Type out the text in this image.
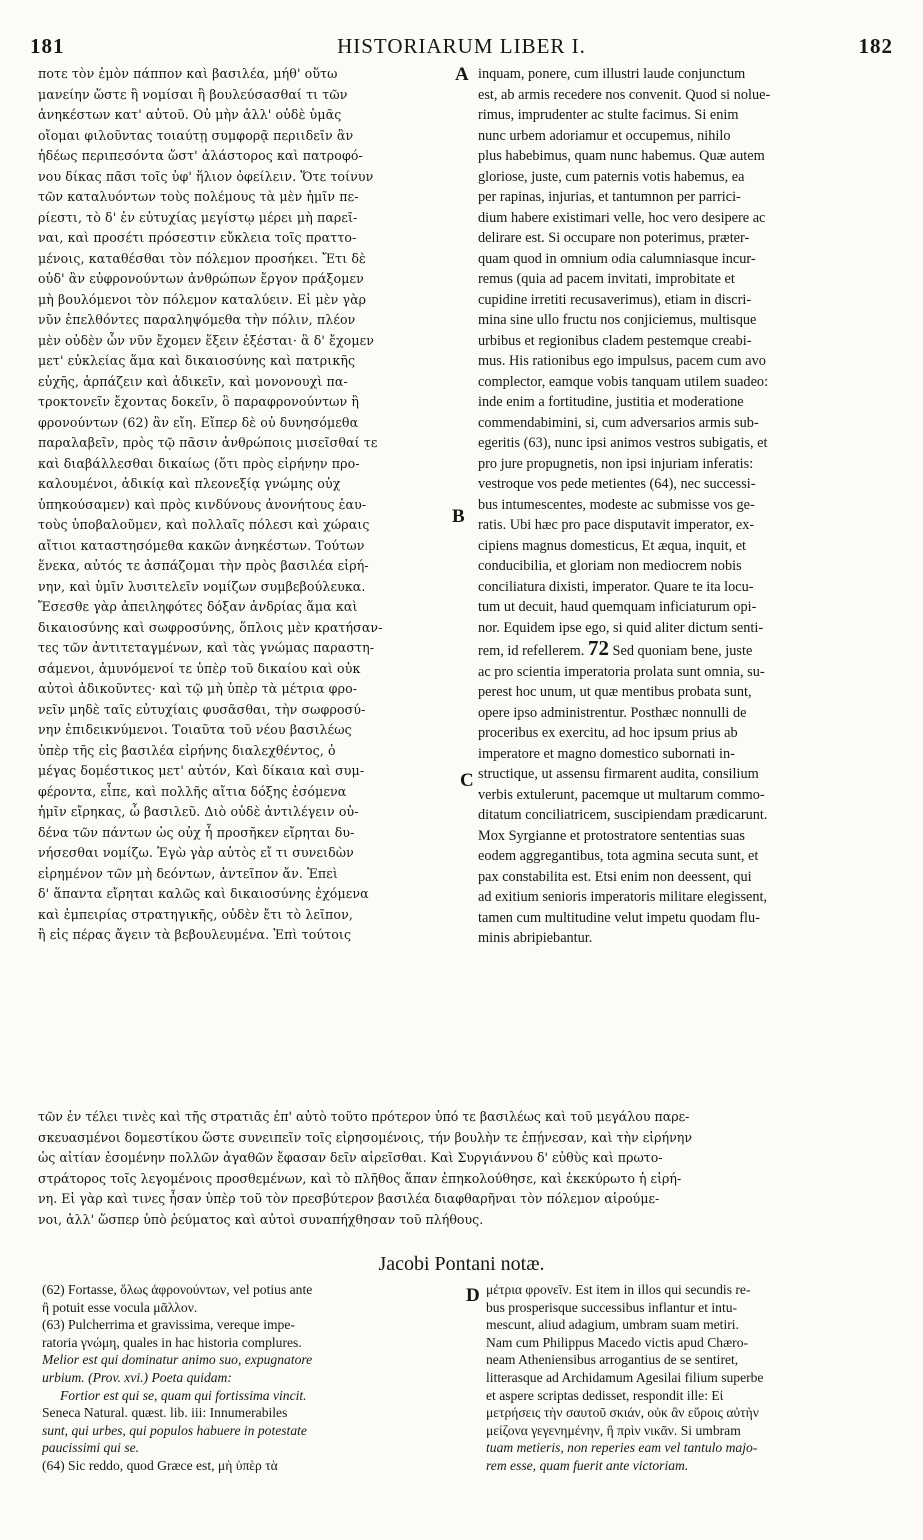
181	HISTORIARUM LIBER I.	182
A
B
C
D
ποτε τὸν ἐμὸν πάππον καὶ βασιλέα, μήθ' οὕτω
μανείην ὥστε ἢ νομίσαι ἢ βουλεύσασθαί τι τῶν
ἀνηκέστων κατ' αὐτοῦ. Οὐ μὴν ἀλλ' οὐδὲ ὑμᾶς
οἴομαι φιλοῦντας τοιαύτῃ συμφορᾷ περιιδεῖν ἂν
ἡδέως περιπεσόντα ὥστ' ἀλάστορος καὶ πατροφό-
νου δίκας πᾶσι τοῖς ὑφ' ἥλιον ὀφείλειν. Ὅτε τοίνυν
τῶν καταλυόντων τοὺς πολέμους τὰ μὲν ἡμῖν πε-
ρίεστι, τὸ δ' ἐν εὐτυχίας μεγίστῳ μέρει μὴ παρεῖ-
ναι, καὶ προσέτι πρόσεστιν εὔκλεια τοῖς πραττο-
μένοις, καταθέσθαι τὸν πόλεμον προσήκει. Ἔτι δὲ
οὐδ' ἂν εὐφρονούντων ἀνθρώπων ἔργον πράξομεν
μὴ βουλόμενοι τὸν πόλεμον καταλύειν. Εἰ μὲν γὰρ
νῦν ἐπελθόντες παραληψόμεθα τὴν πόλιν, πλέον
μὲν οὐδὲν ὧν νῦν ἔχομεν ἕξειν ἐξέσται· ἃ δ' ἔχομεν
μετ' εὐκλείας ἅμα καὶ δικαιοσύνης καὶ πατρικῆς
εὐχῆς, ἁρπάζειν καὶ ἀδικεῖν, καὶ μονονουχὶ πα-
τροκτονεῖν ἔχοντας δοκεῖν, ὃ παραφρονούντων ἢ
φρονούντων (62) ἂν εἴη. Εἴπερ δὲ οὐ δυνησόμεθα
παραλαβεῖν, πρὸς τῷ πᾶσιν ἀνθρώποις μισεῖσθαί τε
καὶ διαβάλλεσθαι δικαίως (ὅτι πρὸς εἰρήνην προ-
καλουμένοι, ἀδικίᾳ καὶ πλεονεξίᾳ γνώμης οὐχ
ὑπηκούσαμεν) καὶ πρὸς κινδύνους ἀνονήτους ἑαυ-
τοὺς ὑποβαλοῦμεν, καὶ πολλαῖς πόλεσι καὶ χώραις
αἴτιοι καταστησόμεθα κακῶν ἀνηκέστων. Τούτων
ἕνεκα, αὐτός τε ἀσπάζομαι τὴν πρὸς βασιλέα εἰρή-
νην, καὶ ὑμῖν λυσιτελεῖν νομίζων συμβεβούλευκα.
Ἔσεσθε γὰρ ἀπειληφότες δόξαν ἀνδρίας ἅμα καὶ
δικαιοσύνης καὶ σωφροσύνης, ὅπλοις μὲν κρατήσαν-
τες τῶν ἀντιτεταγμένων, καὶ τὰς γνώμας παραστη-
σάμενοι, ἀμυνόμενοί τε ὑπὲρ τοῦ δικαίου καὶ οὐκ
αὐτοὶ ἀδικοῦντες· καὶ τῷ μὴ ὑπὲρ τὰ μέτρια φρο-
νεῖν μηδὲ ταῖς εὐτυχίαις φυσᾶσθαι, τὴν σωφροσύ-
νην ἐπιδεικνύμενοι. Τοιαῦτα τοῦ νέου βασιλέως
ὑπὲρ τῆς εἰς βασιλέα εἰρήνης διαλεχθέντος, ὁ
μέγας δομέστικος μετ' αὐτόν, Καὶ δίκαια καὶ συμ-
φέροντα, εἶπε, καὶ πολλῆς αἴτια δόξης ἐσόμενα
ἡμῖν εἴρηκας, ὦ βασιλεῦ. Διὸ οὐδὲ ἀντιλέγειν οὐ-
δένα τῶν πάντων ὡς οὐχ ἧ προσῆκεν εἴρηται δυ-
νήσεσθαι νομίζω. Ἐγὼ γὰρ αὐτὸς εἴ τι συνειδὼν
εἰρημένον τῶν μὴ δεόντων, ἀντεῖπον ἄν. Ἐπεὶ
δ' ἅπαντα εἴρηται καλῶς καὶ δικαιοσύνης ἐχόμενα
καὶ ἐμπειρίας στρατηγικῆς, οὐδὲν ἔτι τὸ λεῖπον,
ἢ εἰς πέρας ἄγειν τὰ βεβουλευμένα. Ἐπὶ τούτοις
inquam, ponere, cum illustri laude conjunctum
est, ab armis recedere nos convenit. Quod si nolue-
rimus, imprudenter ac stulte facimus. Si enim
nunc urbem adoriamur et occupemus, nihilo
plus habebimus, quam nunc habemus. Quæ autem
gloriose, juste, cum paternis votis habemus, ea
per rapinas, injurias, et tantumnon per parrici-
dium habere existimari velle, hoc vero desipere ac
delirare est. Si occupare non poterimus, præter-
quam quod in omnium odia calumniasque incur-
remus (quia ad pacem invitati, improbitate et
cupidine irretiti recusaverimus), etiam in discri-
mina sine ullo fructu nos conjiciemus, multisque
urbibus et regionibus cladem pestemque creabi-
mus. His rationibus ego impulsus, pacem cum avo
complector, eamque vobis tanquam utilem suadeo:
inde enim a fortitudine, justitia et moderatione
commendabimini, si, cum adversarios armis sub-
egeritis (63), nunc ipsi animos vestros subigatis, et
pro jure propugnetis, non ipsi injuriam inferatis:
vestroque vos pede metientes (64), nec successi-
bus intumescentes, modeste ac submisse vos ge-
ratis. Ubi hæc pro pace disputavit imperator, ex-
cipiens magnus domesticus, Et æqua, inquit, et
conducibilia, et gloriam non mediocrem nobis
conciliatura dixisti, imperator. Quare te ita locu-
tum ut decuit, haud quemquam inficiaturum opi-
nor. Equidem ipse ego, si quid aliter dictum senti-
rem, id refellerem. 72 Sed quoniam bene, juste
ac pro scientia imperatoria prolata sunt omnia, su-
perest hoc unum, ut quæ mentibus probata sunt,
opere ipso administrentur. Posthæc nonnulli de
proceribus ex exercitu, ad hoc ipsum prius ab
imperatore et magno domestico subornati in-
structique, ut assensu firmarent audita, consilium
verbis extulerunt, pacemque ut multarum commo-
ditatum conciliatricem, suscipiendam prædicarunt.
Mox Syrgianne et protostratore sententias suas
eodem aggregantibus, tota agmina secuta sunt, et
pax constabilita est. Etsi enim non deessent, qui
ad exitium senioris imperatoris militare elegissent,
tamen cum multitudine velut impetu quodam flu-
minis abripiebantur.
τῶν ἐν τέλει τινὲς καὶ τῆς στρατιᾶς ἐπ' αὐτὸ τοῦτο πρότερον ὑπό τε βασιλέως καὶ τοῦ μεγάλου παρε-
σκευασμένοι δομεστίκου ὥστε συνειπεῖν τοῖς εἰρησομένοις, τήν βουλὴν τε ἐπῄνεσαν, καὶ τὴν εἰρήνην
ὡς αἰτίαν ἐσομένην πολλῶν ἀγαθῶν ἔφασαν δεῖν αἱρεῖσθαι. Καὶ Συργιάννου δ' εὐθὺς καὶ πρωτο-
στράτορος τοῖς λεγομένοις προσθεμένων, καὶ τὸ πλῆθος ἅπαν ἐπηκολούθησε, καὶ ἐκεκύρωτο ἡ εἰρή-
νη. Εἰ γὰρ καὶ τινες ἦσαν ὑπὲρ τοῦ τὸν πρεσβύτερον βασιλέα διαφθαρῆναι τὸν πόλεμον αἱρούμε-
νοι, ἀλλ' ὥσπερ ὑπὸ ῥεύματος καὶ αὐτοὶ συναπήχθησαν τοῦ πλήθους.
Jacobi Pontani notæ.
(62) Fortasse, ὅλως ἀφρονούντων, vel potius ante
ἢ potuit esse vocula μᾶλλον.
(63) Pulcherrima et gravissima, vereque impe-
ratoria γνώμη, quales in hac historia complures.
Melior est qui dominatur animo suo, expugnatore
urbium. (Prov. xvi.) Poeta quidam:
Fortior est qui se, quam qui fortissima vincit.
Seneca Natural. quæst. lib. iii: Innumerabiles
sunt, qui urbes, qui populos habuere in potestate
paucissimi qui se.
(64) Sic reddo, quod Græce est, μὴ ὑπὲρ τὰ
μέτρια φρονεῖν. Est item in illos qui secundis re-
bus prosperisque successibus inflantur et intu-
mescunt, aliud adagium, umbram suam metiri.
Nam cum Philippus Macedo victis apud Chæro-
neam Atheniensibus arrogantius de se sentiret,
litterasque ad Archidamum Agesilai filium superbe
et aspere scriptas dedisset, respondit ille: Εἰ
μετρήσεις τὴν σαυτοῦ σκιάν, οὐκ ἂν εὕροις αὐτὴν
μείζονα γεγενημένην, ἢ πρὶν νικᾶν. Si umbram
tuam metieris, non reperies eam vel tantulo majo-
rem esse, quam fuerit ante victoriam.
